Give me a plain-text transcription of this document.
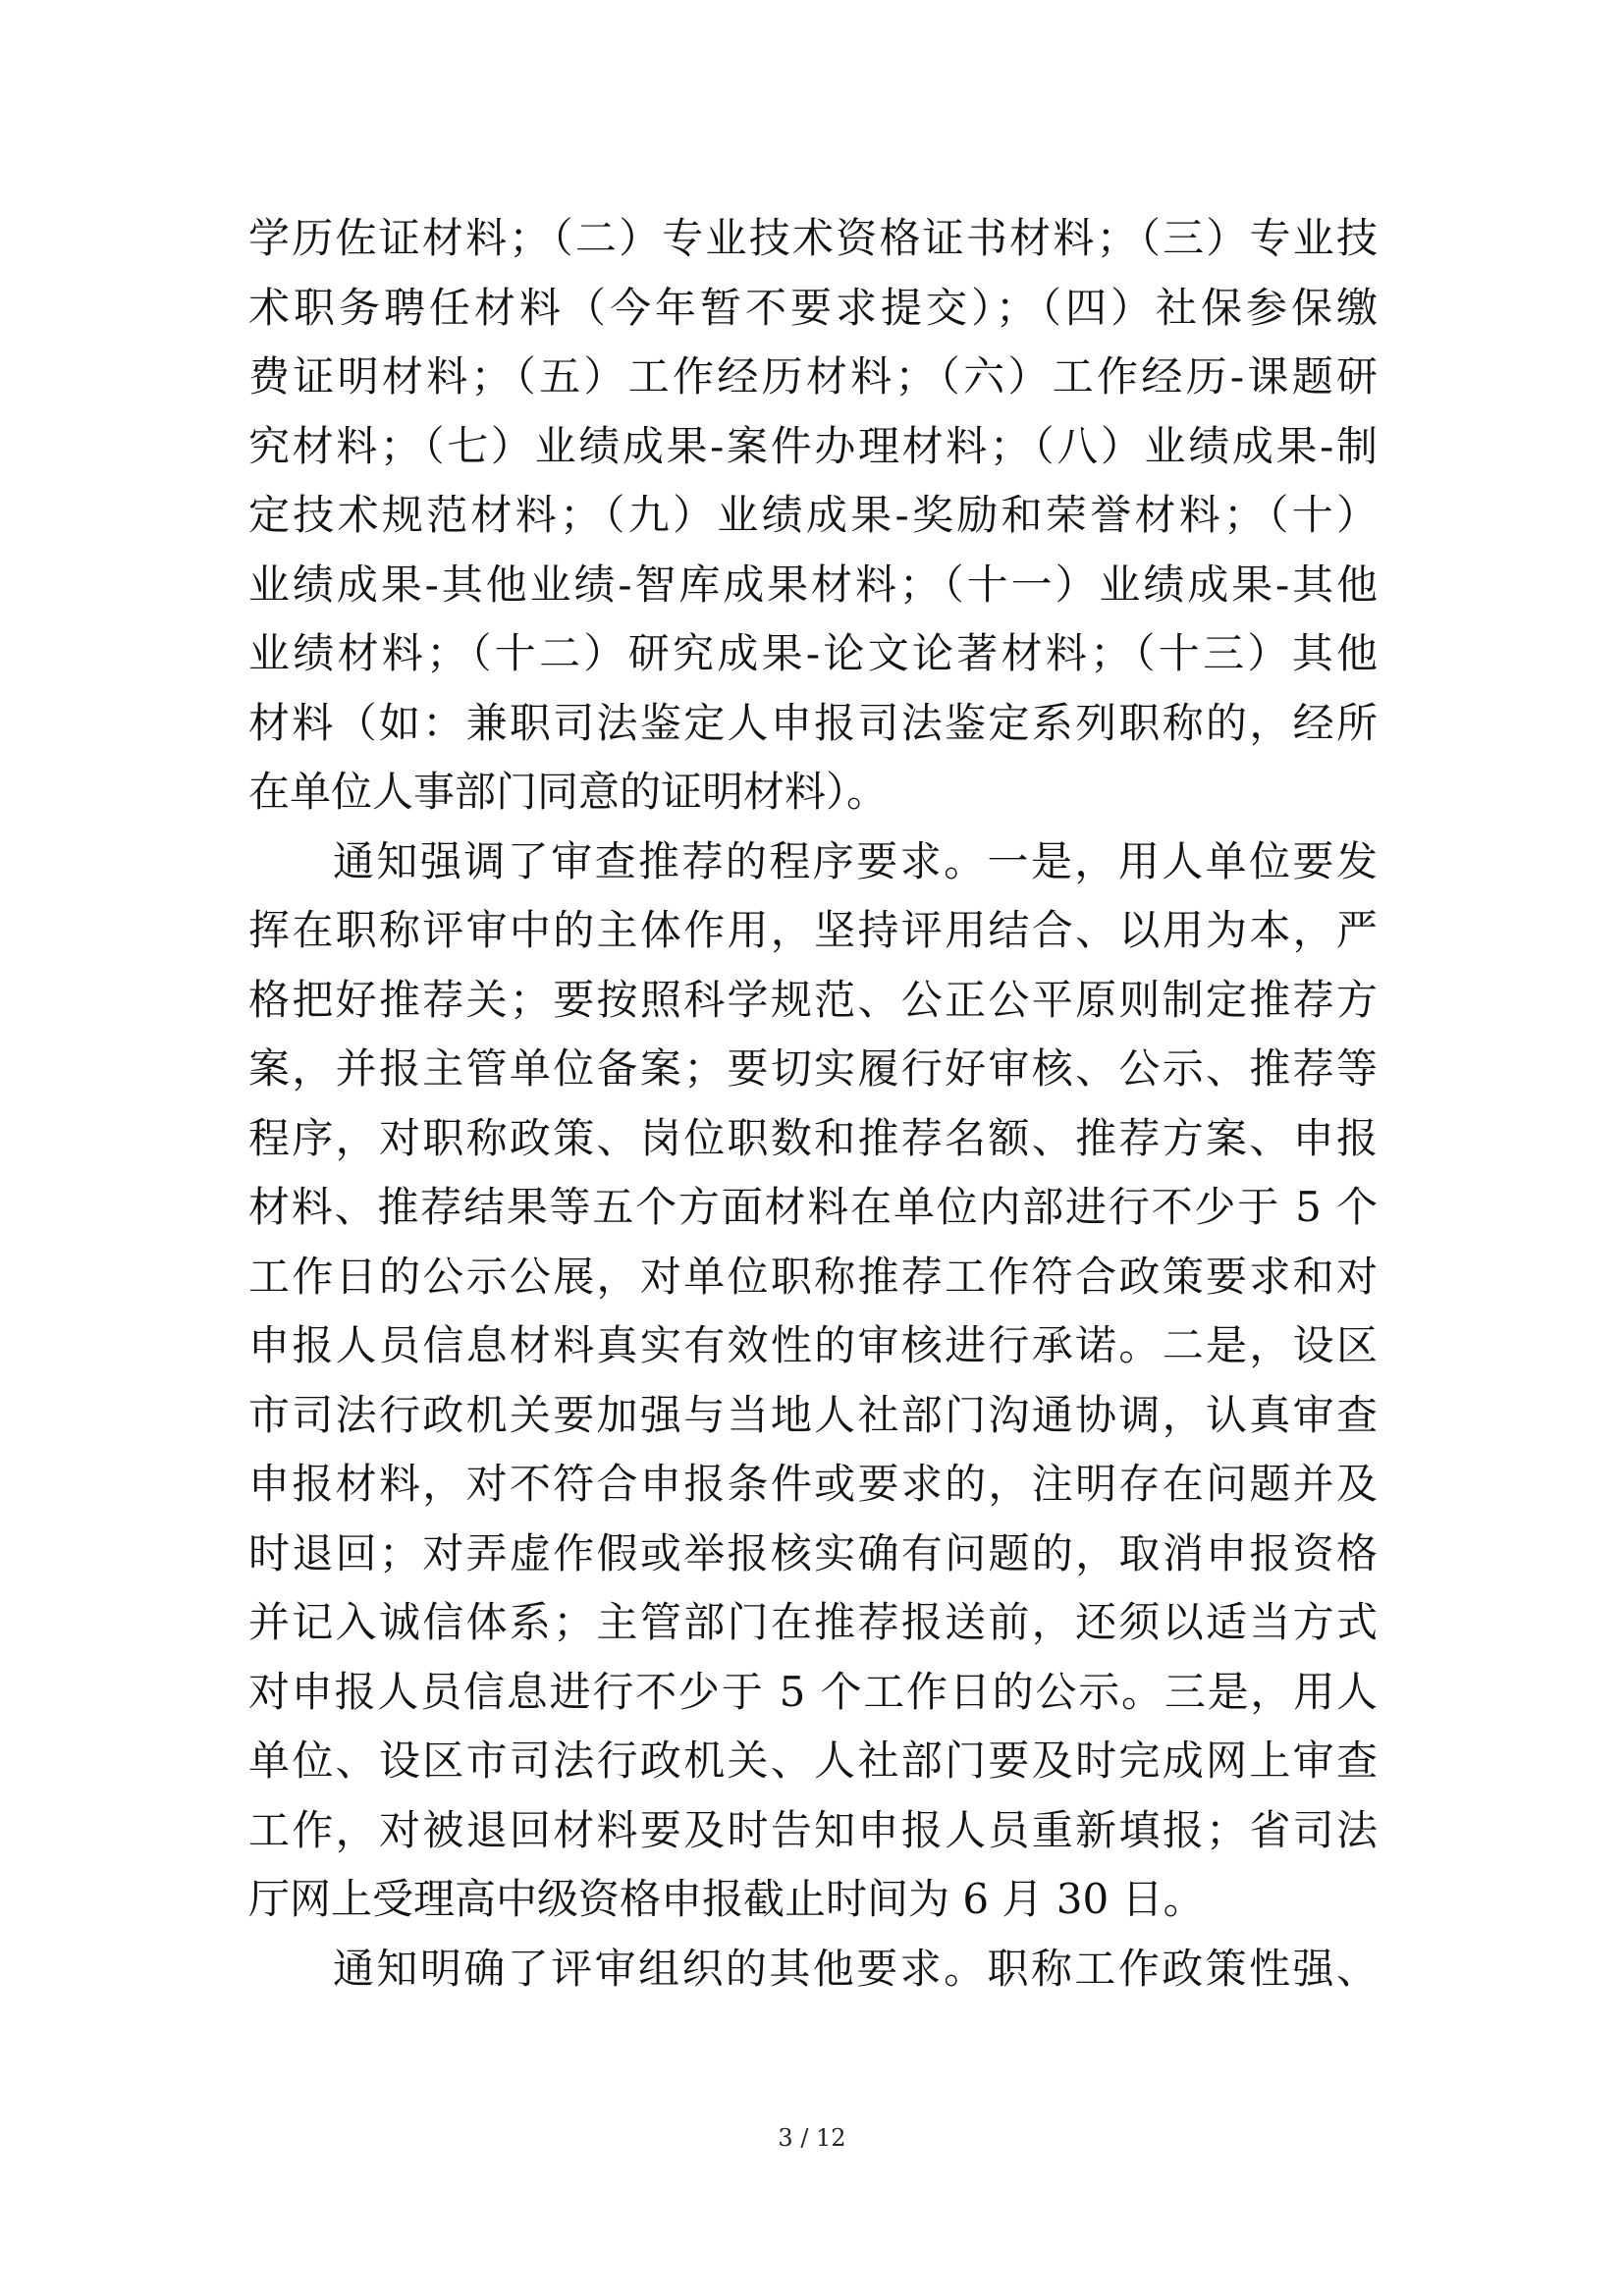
学历佐证材料；（二）专业技术资格证书材料；（三）专业技
术职务聘任材料（今年暂不要求提交）；（四）社保参保缴
费证明材料；（五）工作经历材料；（六）工作经历-课题研
究材料；（七）业绩成果-案件办理材料；（八）业绩成果-制
定技术规范材料；（九）业绩成果-奖励和荣誉材料；（十）
业绩成果-其他业绩-智库成果材料；（十一）业绩成果-其他
业绩材料；（十二）研究成果-论文论著材料；（十三）其他
材料（如：兼职司法鉴定人申报司法鉴定系列职称的，经所
在单位人事部门同意的证明材料）。
通知强调了审查推荐的程序要求。一是，用人单位要发
挥在职称评审中的主体作用，坚持评用结合、以用为本，严
格把好推荐关；要按照科学规范、公正公平原则制定推荐方
案，并报主管单位备案；要切实履行好审核、公示、推荐等
程序，对职称政策、岗位职数和推荐名额、推荐方案、申报
材料、推荐结果等五个方面材料在单位内部进行不少于 5 个
工作日的公示公展，对单位职称推荐工作符合政策要求和对
申报人员信息材料真实有效性的审核进行承诺。二是，设区
市司法行政机关要加强与当地人社部门沟通协调，认真审查
申报材料，对不符合申报条件或要求的，注明存在问题并及
时退回；对弄虚作假或举报核实确有问题的，取消申报资格
并记入诚信体系；主管部门在推荐报送前，还须以适当方式
对申报人员信息进行不少于 5 个工作日的公示。三是，用人
单位、设区市司法行政机关、人社部门要及时完成网上审查
工作，对被退回材料要及时告知申报人员重新填报；省司法
厅网上受理高中级资格申报截止时间为 6 月 30 日。
通知明确了评审组织的其他要求。职称工作政策性强、
3 / 12
